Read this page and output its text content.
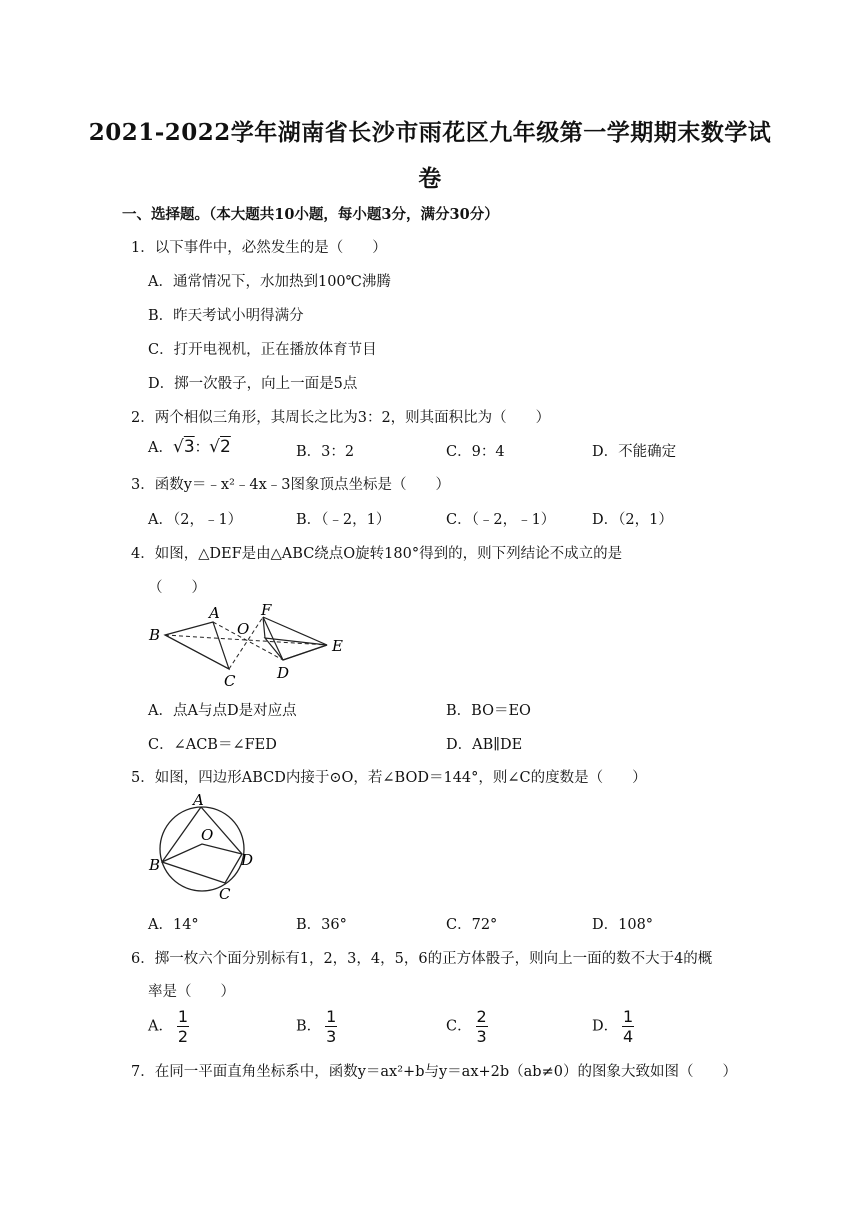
2021-2022学年湖南省长沙市雨花区九年级第一学期期末数学试
卷
一、选择题。（本大题共10小题，每小题3分，满分30分）
1．以下事件中，必然发生的是（　　）
A．通常情况下，水加热到100℃沸腾
B．昨天考试小明得满分
C．打开电视机，正在播放体育节目
D．掷一次骰子，向上一面是5点
2．两个相似三角形，其周长之比为3：2，则其面积比为（　　）
A．√3：√2	B．3：2	C．9：4	D．不能确定
3．函数y＝﹣x²﹣4x﹣3图象顶点坐标是（　　）
A．（2，﹣1）	B．（﹣2，1）	C．（﹣2，﹣1）	D．（2，1）
4．如图，△DEF是由△ABC绕点O旋转180°得到的，则下列结论不成立的是
（　　）
B
A
O
F
E
C	D
A．点A与点D是对应点	B．BO＝EO
C．∠ACB＝∠FED	D．AB∥DE
5．如图，四边形ABCD内接于⊙O，若∠BOD＝144°，则∠C的度数是（　　）
A
O
B	D
C
A．14°	B．36°	C．72°	D．108°
6．掷一枚六个面分别标有1，2，3，4，5，6的正方体骰子，则向上一面的数不大于4的概
率是（　　）
A． $\frac{1}{2}$	B． $\frac{1}{3}$	C． $\frac{2}{3}$	D． $\frac{1}{4}$
7．在同一平面直角坐标系中，函数y＝ax²+b与y＝ax+2b（ab≠0）的图象大致如图（　　）
